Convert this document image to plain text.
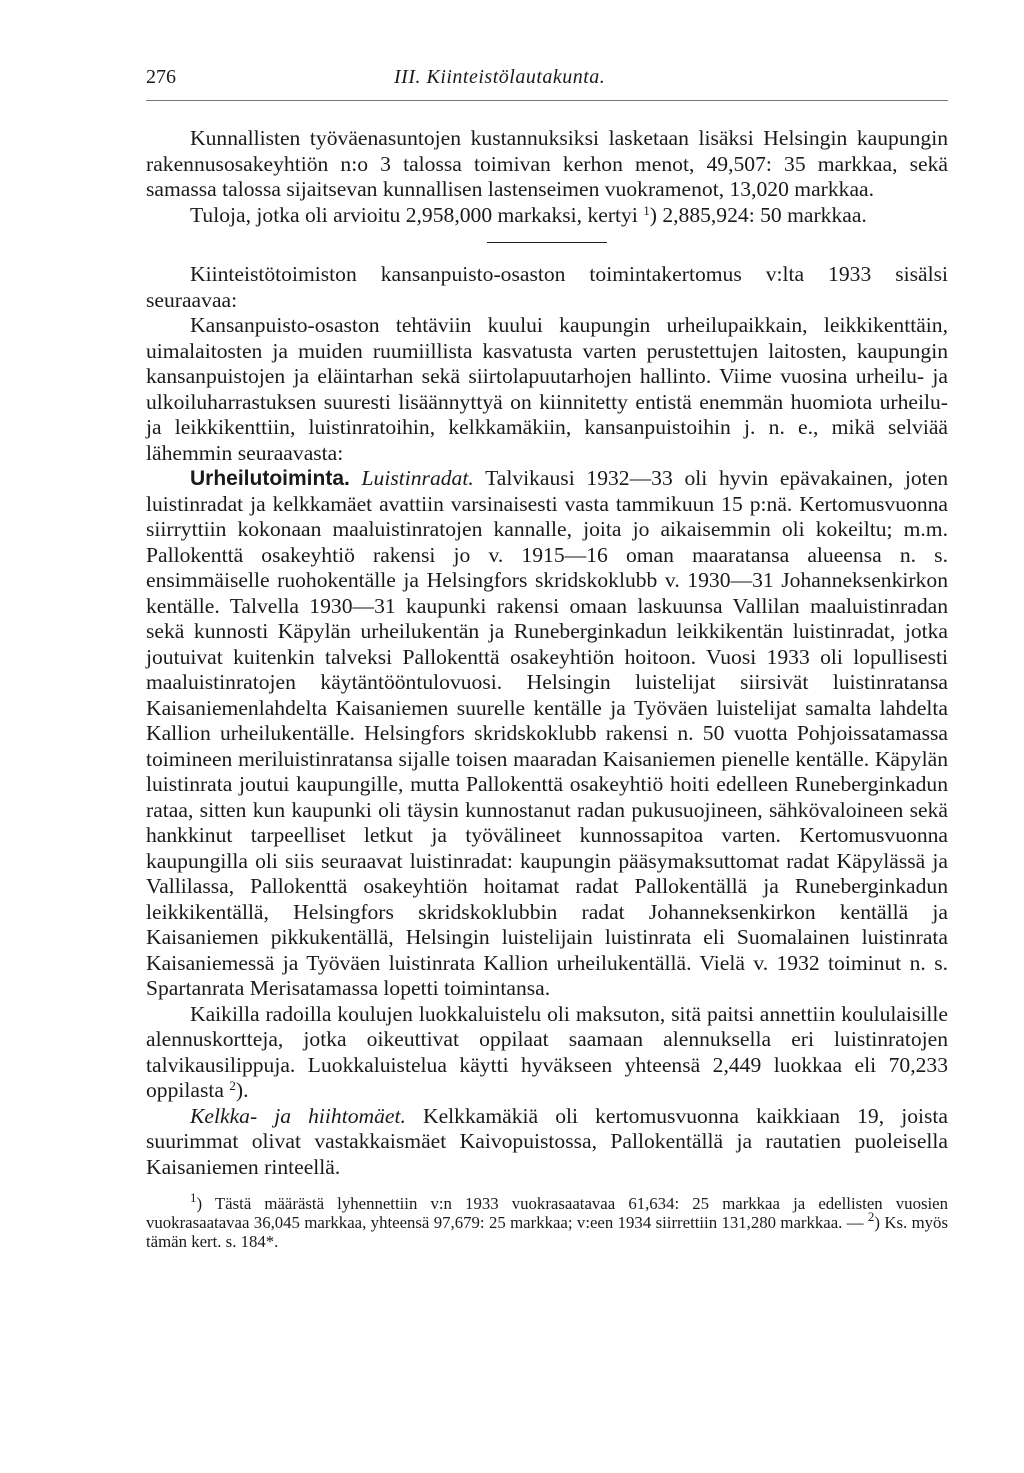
276	III. Kiinteistölautakunta.

Kunnallisten työväenasuntojen kustannuksiksi lasketaan lisäksi Helsingin kaupungin rakennusosakeyhtiön n:o 3 talossa toimivan kerhon menot, 49,507: 35 markkaa, sekä samassa talossa sijaitsevan kunnallisen lastenseimen vuokramenot, 13,020 markkaa.

Tuloja, jotka oli arvioitu 2,958,000 markaksi, kertyi $^1$) 2,885,924: 50 markkaa.

Kiinteistötoimiston kansanpuisto-osaston toimintakertomus v:lta 1933 sisälsi seuraavaa:

Kansanpuisto-osaston tehtäviin kuului kaupungin urheilupaikkain, leikkikenttäin, uimalaitosten ja muiden ruumiillista kasvatusta varten perustettujen laitosten, kaupungin kansanpuistojen ja eläintarhan sekä siirtolapuutarhojen hallinto. Viime vuosina urheilu- ja ulkoiluharrastuksen suuresti lisäännyttyä on kiinnitetty entistä enemmän huomiota urheilu- ja leikkikenttiin, luistinratoihin, kelkkamäkiin, kansanpuistoihin j. n. e., mikä selviää lähemmin seuraavasta:

Urheilutoiminta. Luistinradat. Talvikausi 1932—33 oli hyvin epävakainen, joten luistinradat ja kelkkamäet avattiin varsinaisesti vasta tammikuun 15 p:nä. Kertomusvuonna siirryttiin kokonaan maaluistinratojen kannalle, joita jo aikaisemmin oli kokeiltu; m.m. Pallokenttä osakeyhtiö rakensi jo v. 1915—16 oman maaratansa alueensa n. s. ensimmäiselle ruohokentälle ja Helsingfors skridskoklubb v. 1930—31 Johanneksenkirkon kentälle. Talvella 1930—31 kaupunki rakensi omaan laskuunsa Vallilan maaluistinradan sekä kunnosti Käpylän urheilukentän ja Runeberginkadun leikkikentän luistinradat, jotka joutuivat kuitenkin talveksi Pallokenttä osakeyhtiön hoitoon. Vuosi 1933 oli lopullisesti maaluistinratojen käytäntööntulovuosi. Helsingin luistelijat siirsivät luistinratansa Kaisaniemenlahdelta Kaisaniemen suurelle kentälle ja Työväen luistelijat samalta lahdelta Kallion urheilukentälle. Helsingfors skridskoklubb rakensi n. 50 vuotta Pohjoissatamassa toimineen meriluistinratansa sijalle toisen maaradan Kaisaniemen pienelle kentälle. Käpylän luistinrata joutui kaupungille, mutta Pallokenttä osakeyhtiö hoiti edelleen Runeberginkadun rataa, sitten kun kaupunki oli täysin kunnostanut radan pukusuojineen, sähkövaloineen sekä hankkinut tarpeelliset letkut ja työvälineet kunnossapitoa varten. Kertomusvuonna kaupungilla oli siis seuraavat luistinradat: kaupungin pääsymaksuttomat radat Käpylässä ja Vallilassa, Pallokenttä osakeyhtiön hoitamat radat Pallokentällä ja Runeberginkadun leikkikentällä, Helsingfors skridskoklubbin radat Johanneksenkirkon kentällä ja Kaisaniemen pikkukentällä, Helsingin luistelijain luistinrata eli Suomalainen luistinrata Kaisaniemessä ja Työväen luistinrata Kallion urheilukentällä. Vielä v. 1932 toiminut n. s. Spartanrata Merisatamassa lopetti toimintansa.

Kaikilla radoilla koulujen luokkaluistelu oli maksuton, sitä paitsi annettiin koululaisille alennuskortteja, jotka oikeuttivat oppilaat saamaan alennuksella eri luistinratojen talvikausilippuja. Luokkaluistelua käytti hyväkseen yhteensä 2,449 luokkaa eli 70,233 oppilasta $^2$).

Kelkka- ja hiihtomäet. Kelkkamäkiä oli kertomusvuonna kaikkiaan 19, joista suurimmat olivat vastakkaismäet Kaivopuistossa, Pallokentällä ja rautatien puoleisella Kaisaniemen rinteellä.

$^1$) Tästä määrästä lyhennettiin v:n 1933 vuokrasaatavaa 61,634: 25 markkaa ja edellisten vuosien vuokrasaatavaa 36,045 markkaa, yhteensä 97,679: 25 markkaa; v:een 1934 siirrettiin 131,280 markkaa. — $^2$) Ks. myös tämän kert. s. 184*.
